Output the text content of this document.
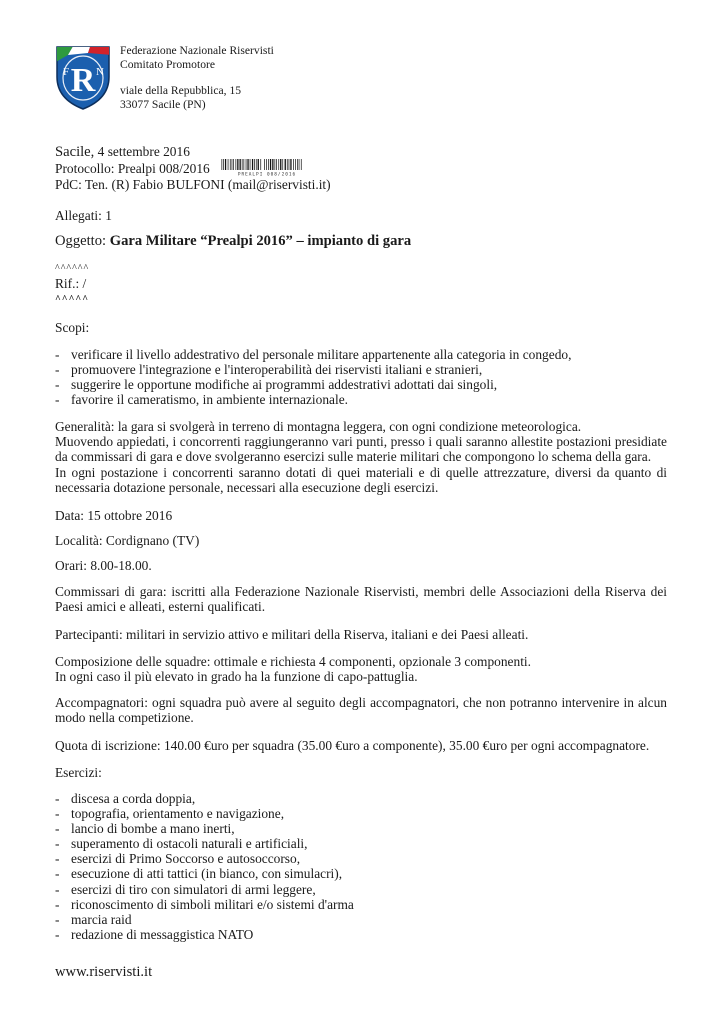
R
F N

Federazione Nazionale Riservisti

Comitato Promotore

viale della Repubblica, 15

33077 Sacile (PN)

Sacile, 4 settembre 2016

Protocollo: Prealpi 008/2016	PREALPI 008/2016

PdC: Ten. (R) Fabio BULFONI (mail@riservisti.it)

Allegati: 1

Oggetto: Gara Militare “Prealpi 2016” – impianto di gara

^^^^^^

Rif.: /

^^^^^

Scopi:

- verificare il livello addestrativo del personale militare appartenente alla categoria in congedo,
- promuovere l'integrazione e l'interoperabilità dei riservisti italiani e stranieri,
- suggerire le opportune modifiche ai programmi addestrativi adottati dai singoli,
- favorire il cameratismo, in ambiente internazionale.
Generalità: la gara si svolgerà in terreno di montagna leggera, con ogni condizione meteorologica.
Muovendo appiedati, i concorrenti raggiungeranno vari punti, presso i quali saranno allestite postazioni presidiate da commissari di gara e dove svolgeranno esercizi sulle materie militari che compongono lo schema della gara.
In ogni postazione i concorrenti saranno dotati di quei materiali e di quelle attrezzature, diversi da quanto di necessaria dotazione personale, necessari alla esecuzione degli esercizi.

Data: 15 ottobre 2016

Località: Cordignano (TV)

Orari: 8.00-18.00.

Commissari di gara: iscritti alla Federazione Nazionale Riservisti, membri delle Associazioni della Riserva dei Paesi amici e alleati, esterni qualificati.

Partecipanti: militari in servizio attivo e militari della Riserva, italiani e dei Paesi alleati.

Composizione delle squadre: ottimale e richiesta 4 componenti, opzionale 3 componenti.
In ogni caso il più elevato in grado ha la funzione di capo-pattuglia.

Accompagnatori: ogni squadra può avere al seguito degli accompagnatori, che non potranno intervenire in alcun modo nella competizione.

Quota di iscrizione: 140.00 €uro per squadra (35.00 €uro a componente), 35.00 €uro per ogni accompagnatore.

Esercizi:

- discesa a corda doppia,
- topografia, orientamento e navigazione,
- lancio di bombe a mano inerti,
- superamento di ostacoli naturali e artificiali,
- esercizi di Primo Soccorso e autosoccorso,
- esecuzione di atti tattici (in bianco, con simulacri),
- esercizi di tiro con simulatori di armi leggere,
- riconoscimento di simboli militari e/o sistemi d'arma
- marcia raid
- redazione di messaggistica NATO

www.riservisti.it
